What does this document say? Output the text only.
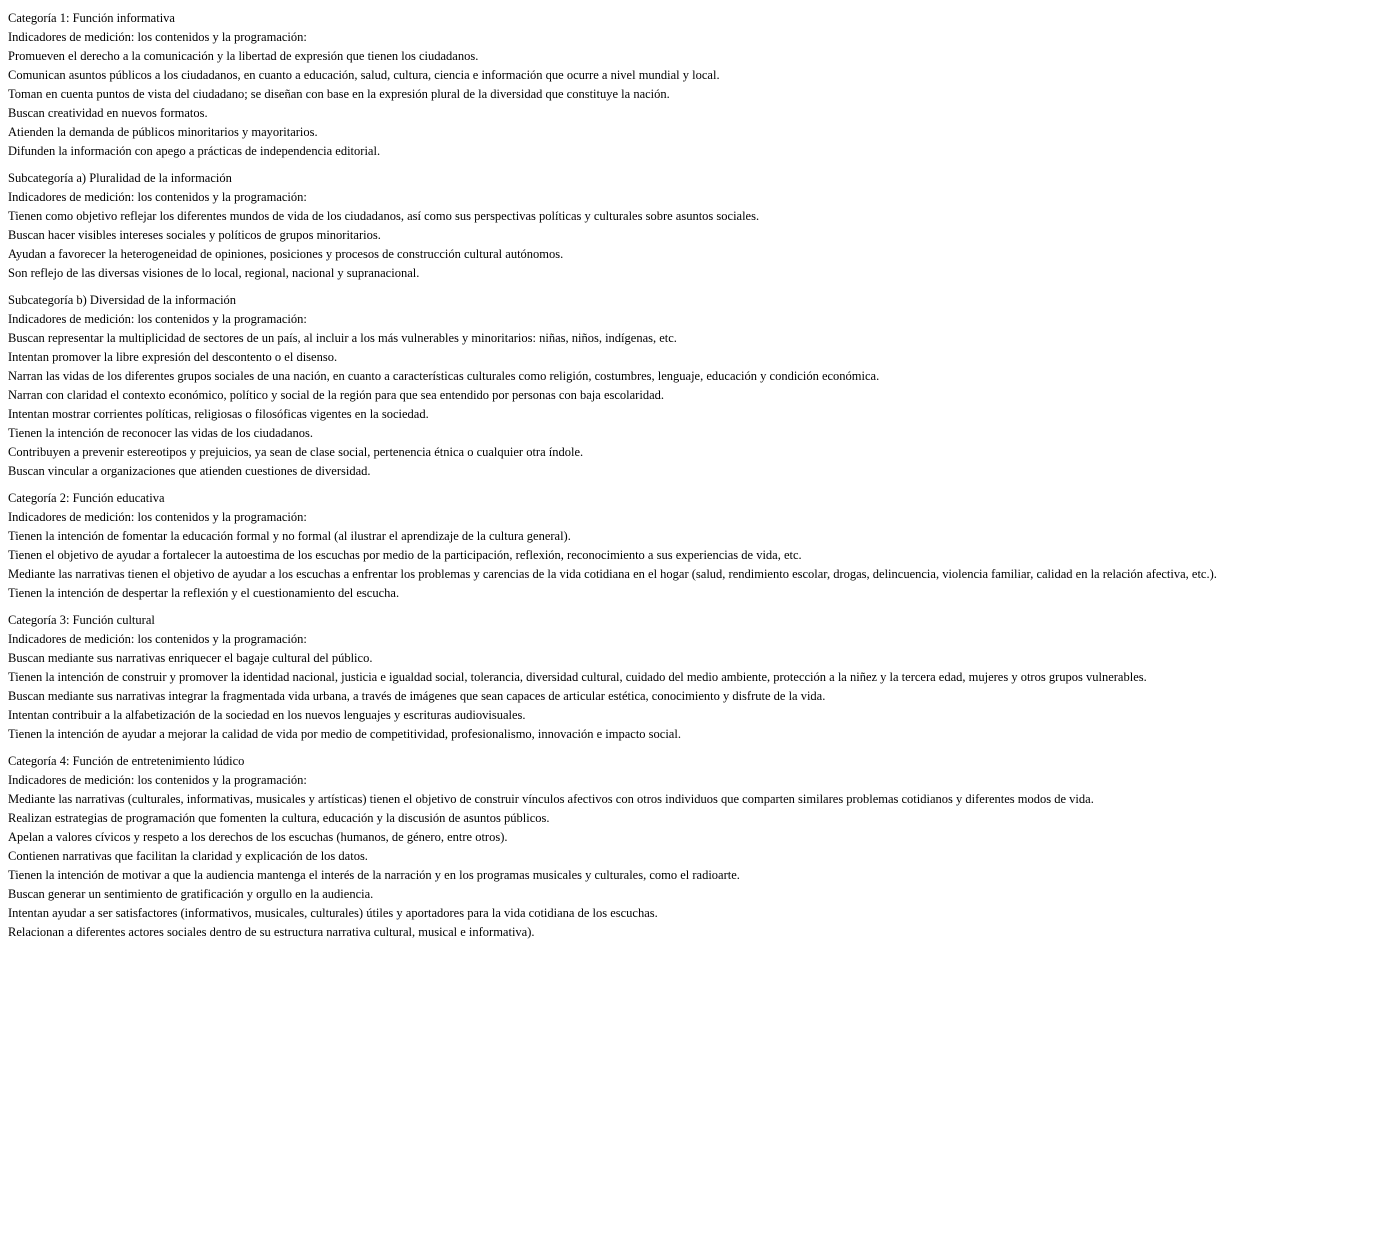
Categoría 1: Función informativa
Indicadores de medición: los contenidos y la programación:
Promueven el derecho a la comunicación y la libertad de expresión que tienen los ciudadanos.
Comunican asuntos públicos a los ciudadanos, en cuanto a educación, salud, cultura, ciencia e información que ocurre a nivel mundial y local.
Toman en cuenta puntos de vista del ciudadano; se diseñan con base en la expresión plural de la diversidad que constituye la nación.
Buscan creatividad en nuevos formatos.
Atienden la demanda de públicos minoritarios y mayoritarios.
Difunden la información con apego a prácticas de independencia editorial.
Subcategoría a) Pluralidad de la información
Indicadores de medición: los contenidos y la programación:
Tienen como objetivo reflejar los diferentes mundos de vida de los ciudadanos, así como sus perspectivas políticas y culturales sobre asuntos sociales.
Buscan hacer visibles intereses sociales y políticos de grupos minoritarios.
Ayudan a favorecer la heterogeneidad de opiniones, posiciones y procesos de construcción cultural autónomos.
Son reflejo de las diversas visiones de lo local, regional, nacional y supranacional.
Subcategoría b) Diversidad de la información
Indicadores de medición: los contenidos y la programación:
Buscan representar la multiplicidad de sectores de un país, al incluir a los más vulnerables y minoritarios: niñas, niños, indígenas, etc.
Intentan promover la libre expresión del descontento o el disenso.
Narran las vidas de los diferentes grupos sociales de una nación, en cuanto a características culturales como religión, costumbres, lenguaje, educación y condición económica.
Narran con claridad el contexto económico, político y social de la región para que sea entendido por personas con baja escolaridad.
Intentan mostrar corrientes políticas, religiosas o filosóficas vigentes en la sociedad.
Tienen la intención de reconocer las vidas de los ciudadanos.
Contribuyen a prevenir estereotipos y prejuicios, ya sean de clase social, pertenencia étnica o cualquier otra índole.
Buscan vincular a organizaciones que atienden cuestiones de diversidad.
Categoría 2: Función educativa
Indicadores de medición: los contenidos y la programación:
Tienen la intención de fomentar la educación formal y no formal (al ilustrar el aprendizaje de la cultura general).
Tienen el objetivo de ayudar a fortalecer la autoestima de los escuchas por medio de la participación, reflexión, reconocimiento a sus experiencias de vida, etc.
Mediante las narrativas tienen el objetivo de ayudar a los escuchas a enfrentar los problemas y carencias de la vida cotidiana en el hogar (salud, rendimiento escolar, drogas, delincuencia, violencia familiar, calidad en la relación afectiva, etc.).
Tienen la intención de despertar la reflexión y el cuestionamiento del escucha.
Categoría 3: Función cultural
Indicadores de medición: los contenidos y la programación:
Buscan mediante sus narrativas enriquecer el bagaje cultural del público.
Tienen la intención de construir y promover la identidad nacional, justicia e igualdad social, tolerancia, diversidad cultural, cuidado del medio ambiente, protección a la niñez y la tercera edad, mujeres y otros grupos vulnerables.
Buscan mediante sus narrativas integrar la fragmentada vida urbana, a través de imágenes que sean capaces de articular estética, conocimiento y disfrute de la vida.
Intentan contribuir a la alfabetización de la sociedad en los nuevos lenguajes y escrituras audiovisuales.
Tienen la intención de ayudar a mejorar la calidad de vida por medio de competitividad, profesionalismo, innovación e impacto social.
Categoría 4: Función de entretenimiento lúdico
Indicadores de medición: los contenidos y la programación:
Mediante las narrativas (culturales, informativas, musicales y artísticas) tienen el objetivo de construir vínculos afectivos con otros individuos que comparten similares problemas cotidianos y diferentes modos de vida.
Realizan estrategias de programación que fomenten la cultura, educación y la discusión de asuntos públicos.
Apelan a valores cívicos y respeto a los derechos de los escuchas (humanos, de género, entre otros).
Contienen narrativas que facilitan la claridad y explicación de los datos.
Tienen la intención de motivar a que la audiencia mantenga el interés de la narración y en los programas musicales y culturales, como el radioarte.
Buscan generar un sentimiento de gratificación y orgullo en la audiencia.
Intentan ayudar a ser satisfactores (informativos, musicales, culturales) útiles y aportadores para la vida cotidiana de los escuchas.
Relacionan a diferentes actores sociales dentro de su estructura narrativa cultural, musical e informativa).
